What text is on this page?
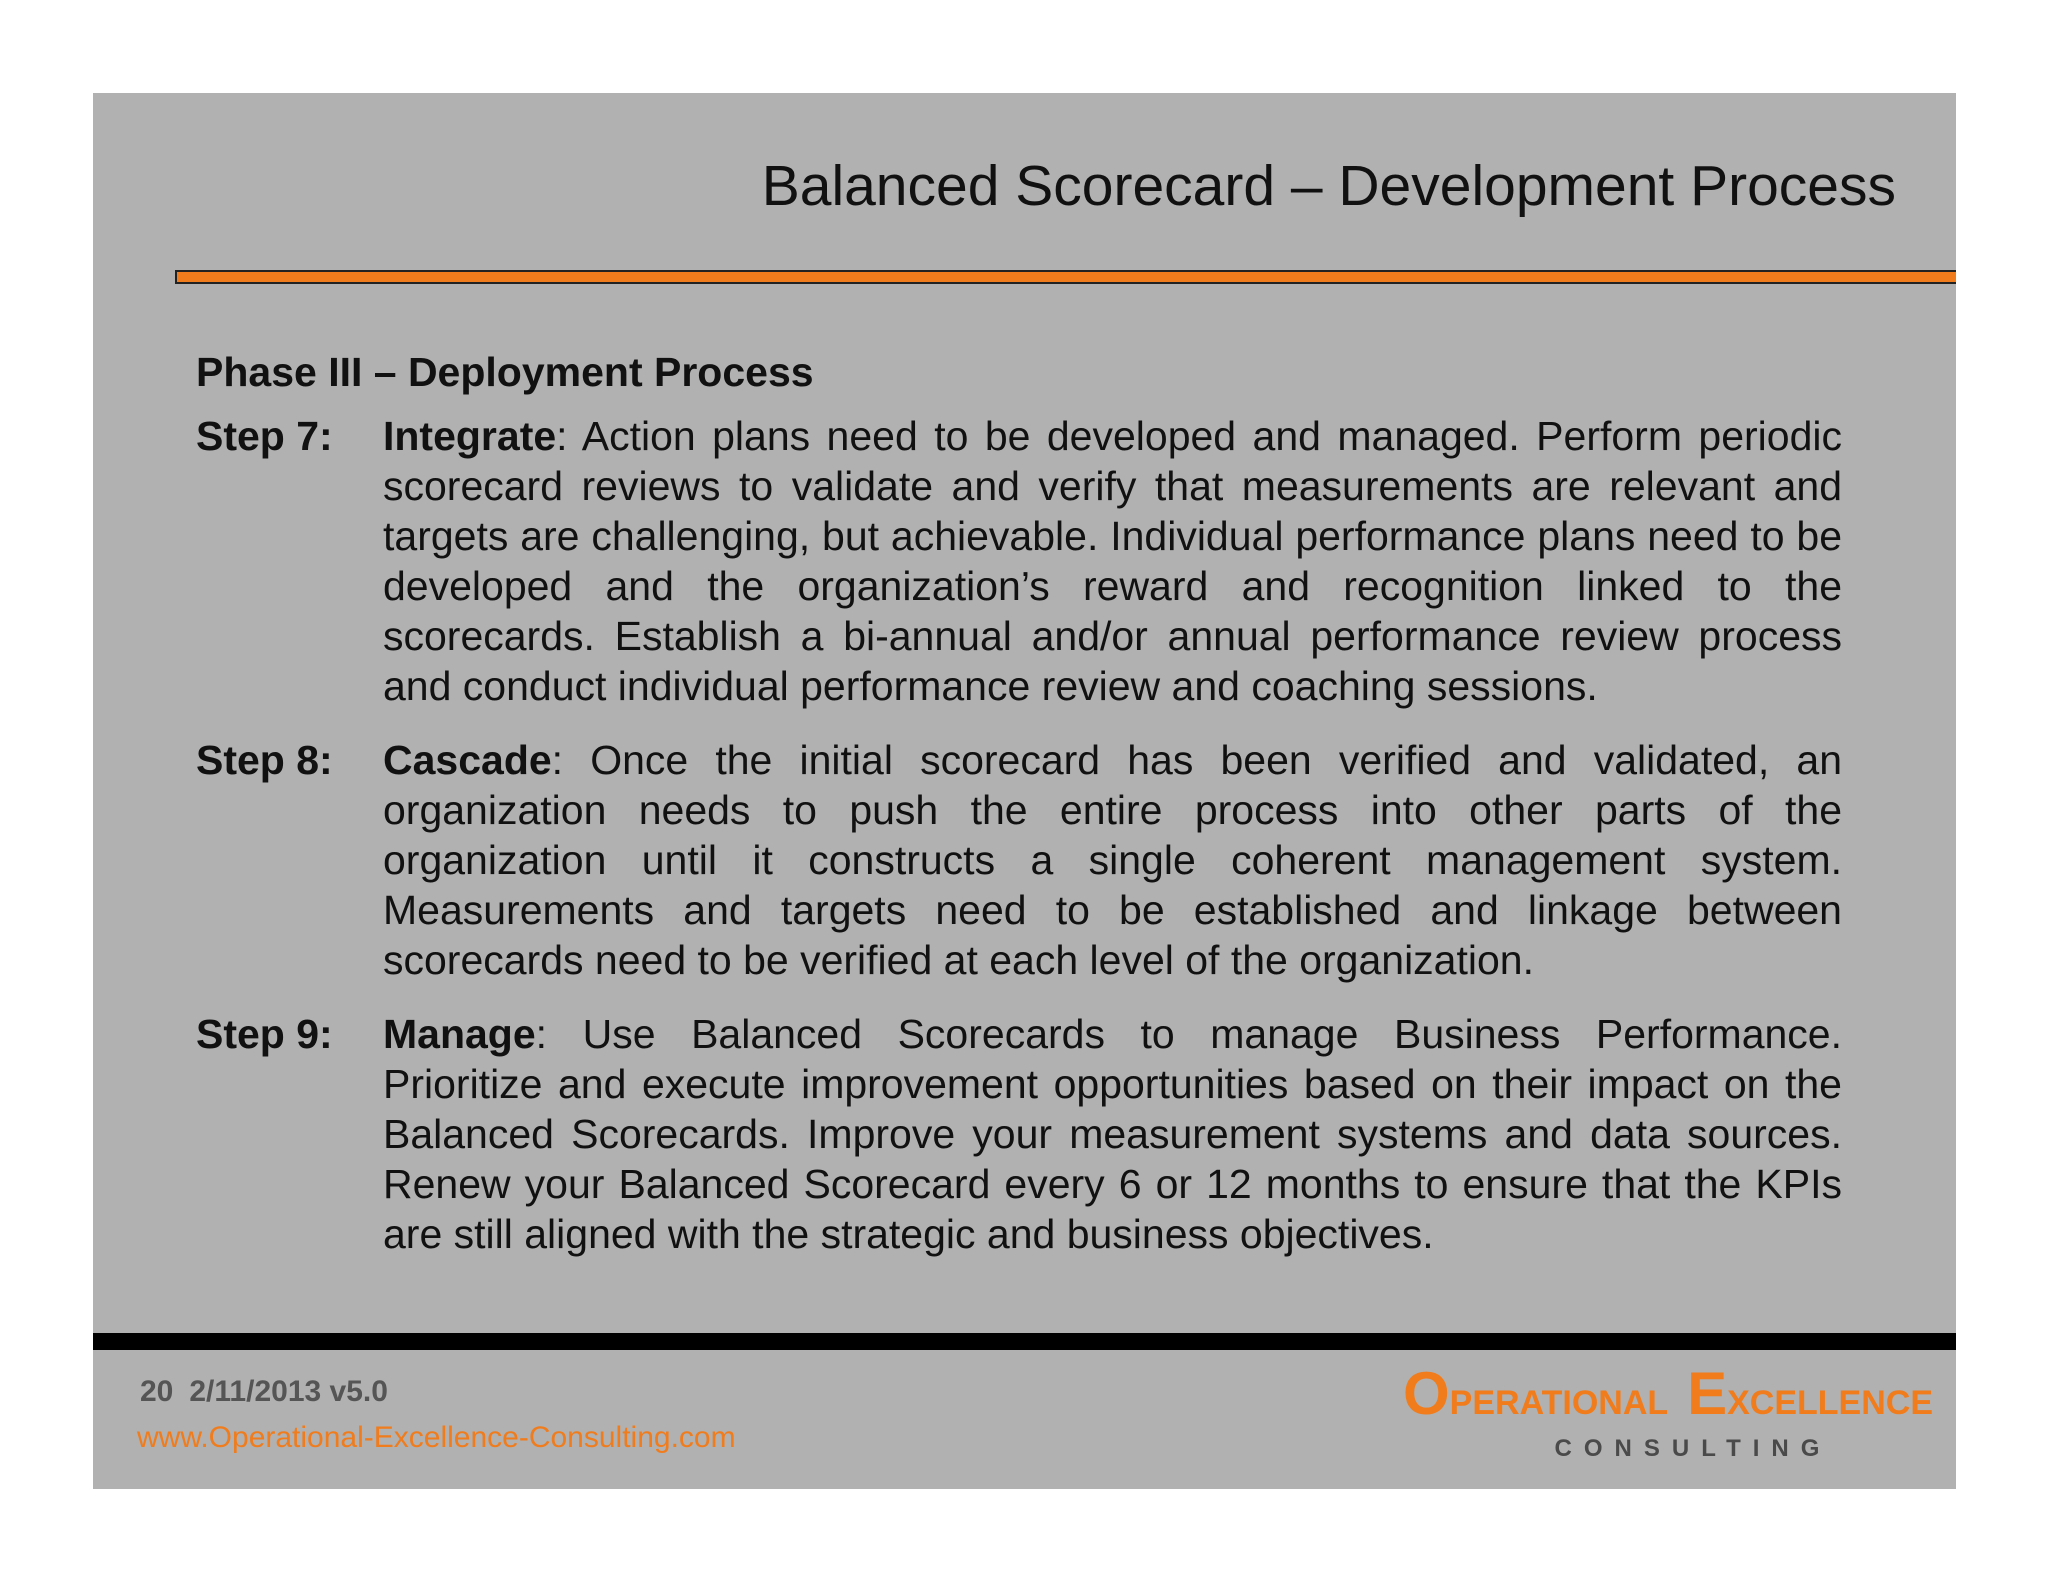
Balanced Scorecard – Development Process
Phase III – Deployment Process
Step 7:	Integrate: Action plans need to be developed and managed. Perform periodic scorecard reviews to validate and verify that measurements are relevant and targets are challenging, but achievable. Individual performance plans need to be developed and the organization’s reward and recognition linked to the scorecards. Establish a bi-annual and/or annual performance review process and conduct individual performance review and coaching sessions.
Step 8:	Cascade: Once the initial scorecard has been verified and validated, an organization needs to push the entire process into other parts of the organization until it constructs a single coherent management system. Measurements and targets need to be established and linkage between scorecards need to be verified at each level of the organization.
Step 9:	Manage: Use Balanced Scorecards to manage Business Performance. Prioritize and execute improvement opportunities based on their impact on the Balanced Scorecards. Improve your measurement systems and data sources. Renew your Balanced Scorecard every 6 or 12 months to ensure that the KPIs are still aligned with the strategic and business objectives.
20 2/11/2013 v5.0
www.Operational-Excellence-Consulting.com
OPERATIONAL EXCELLENCE
CONSULTING
